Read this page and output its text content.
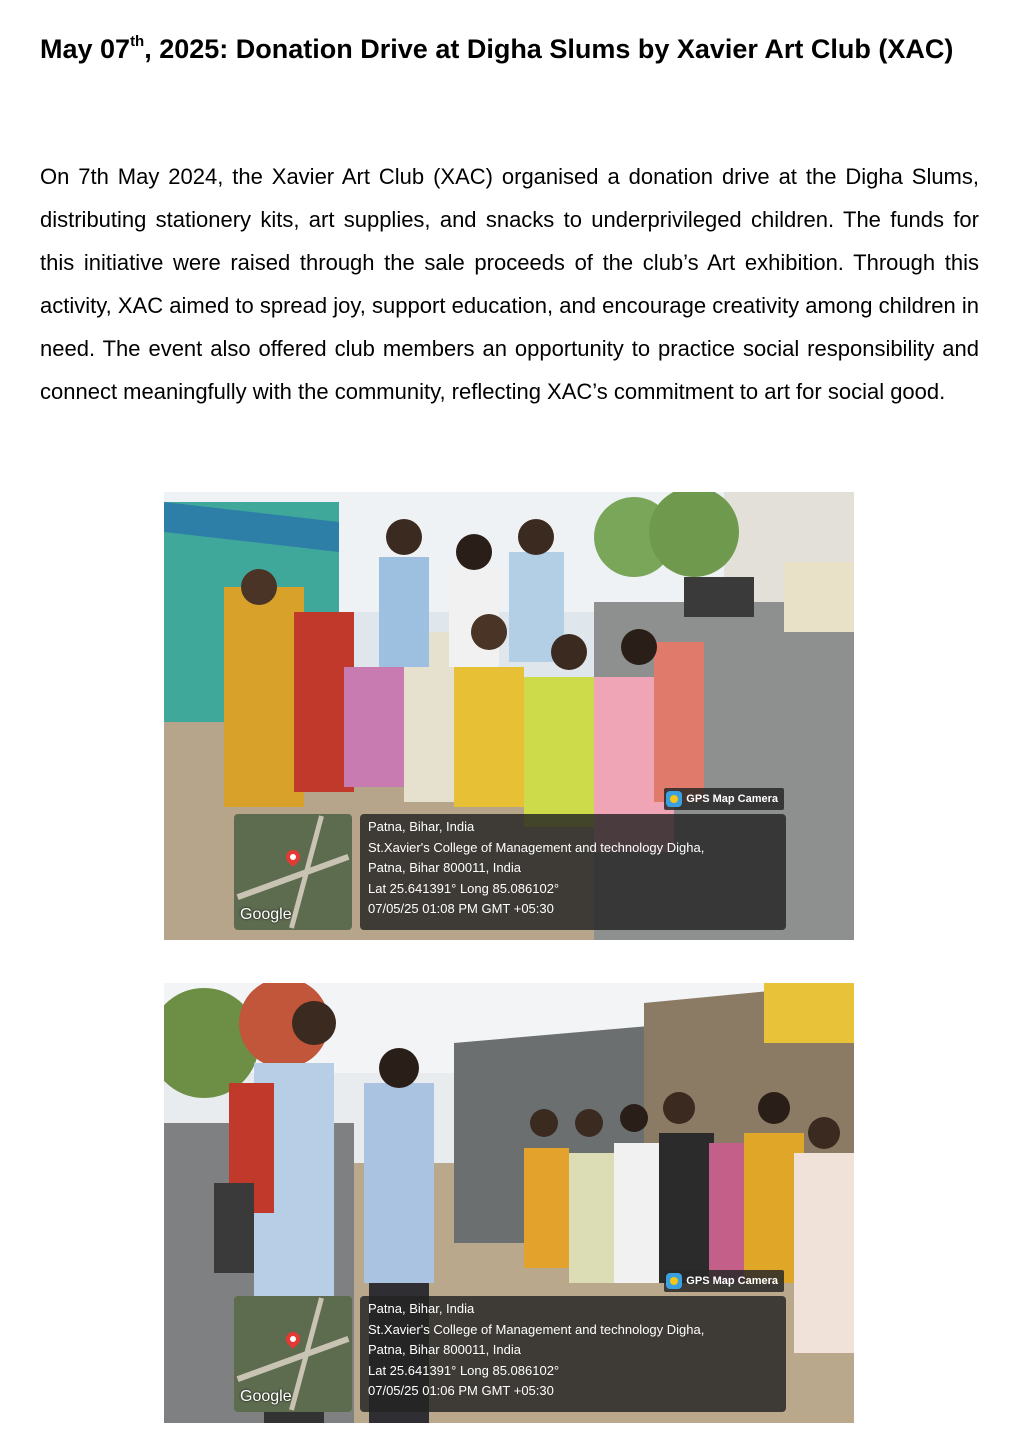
May 07th, 2025: Donation Drive at Digha Slums by Xavier Art Club (XAC)

On 7th May 2024, the Xavier Art Club (XAC) organised a donation drive at the Digha Slums, distributing stationery kits, art supplies, and snacks to underprivileged children. The funds for this initiative were raised through the sale proceeds of the club’s Art exhibition. Through this activity, XAC aimed to spread joy, support education, and encourage creativity among children in need. The event also offered club members an opportunity to practice social responsibility and connect meaningfully with the community, reflecting XAC’s commitment to art for social good.

GPS Map Camera
Google
Patna, Bihar, India
St.Xavier's College of Management and technology Digha,
Patna, Bihar 800011, India
Lat 25.641391° Long 85.086102°
07/05/25 01:08 PM GMT +05:30
GPS Map Camera
Google
Patna, Bihar, India
St.Xavier's College of Management and technology Digha,
Patna, Bihar 800011, India
Lat 25.641391° Long 85.086102°
07/05/25 01:06 PM GMT +05:30
